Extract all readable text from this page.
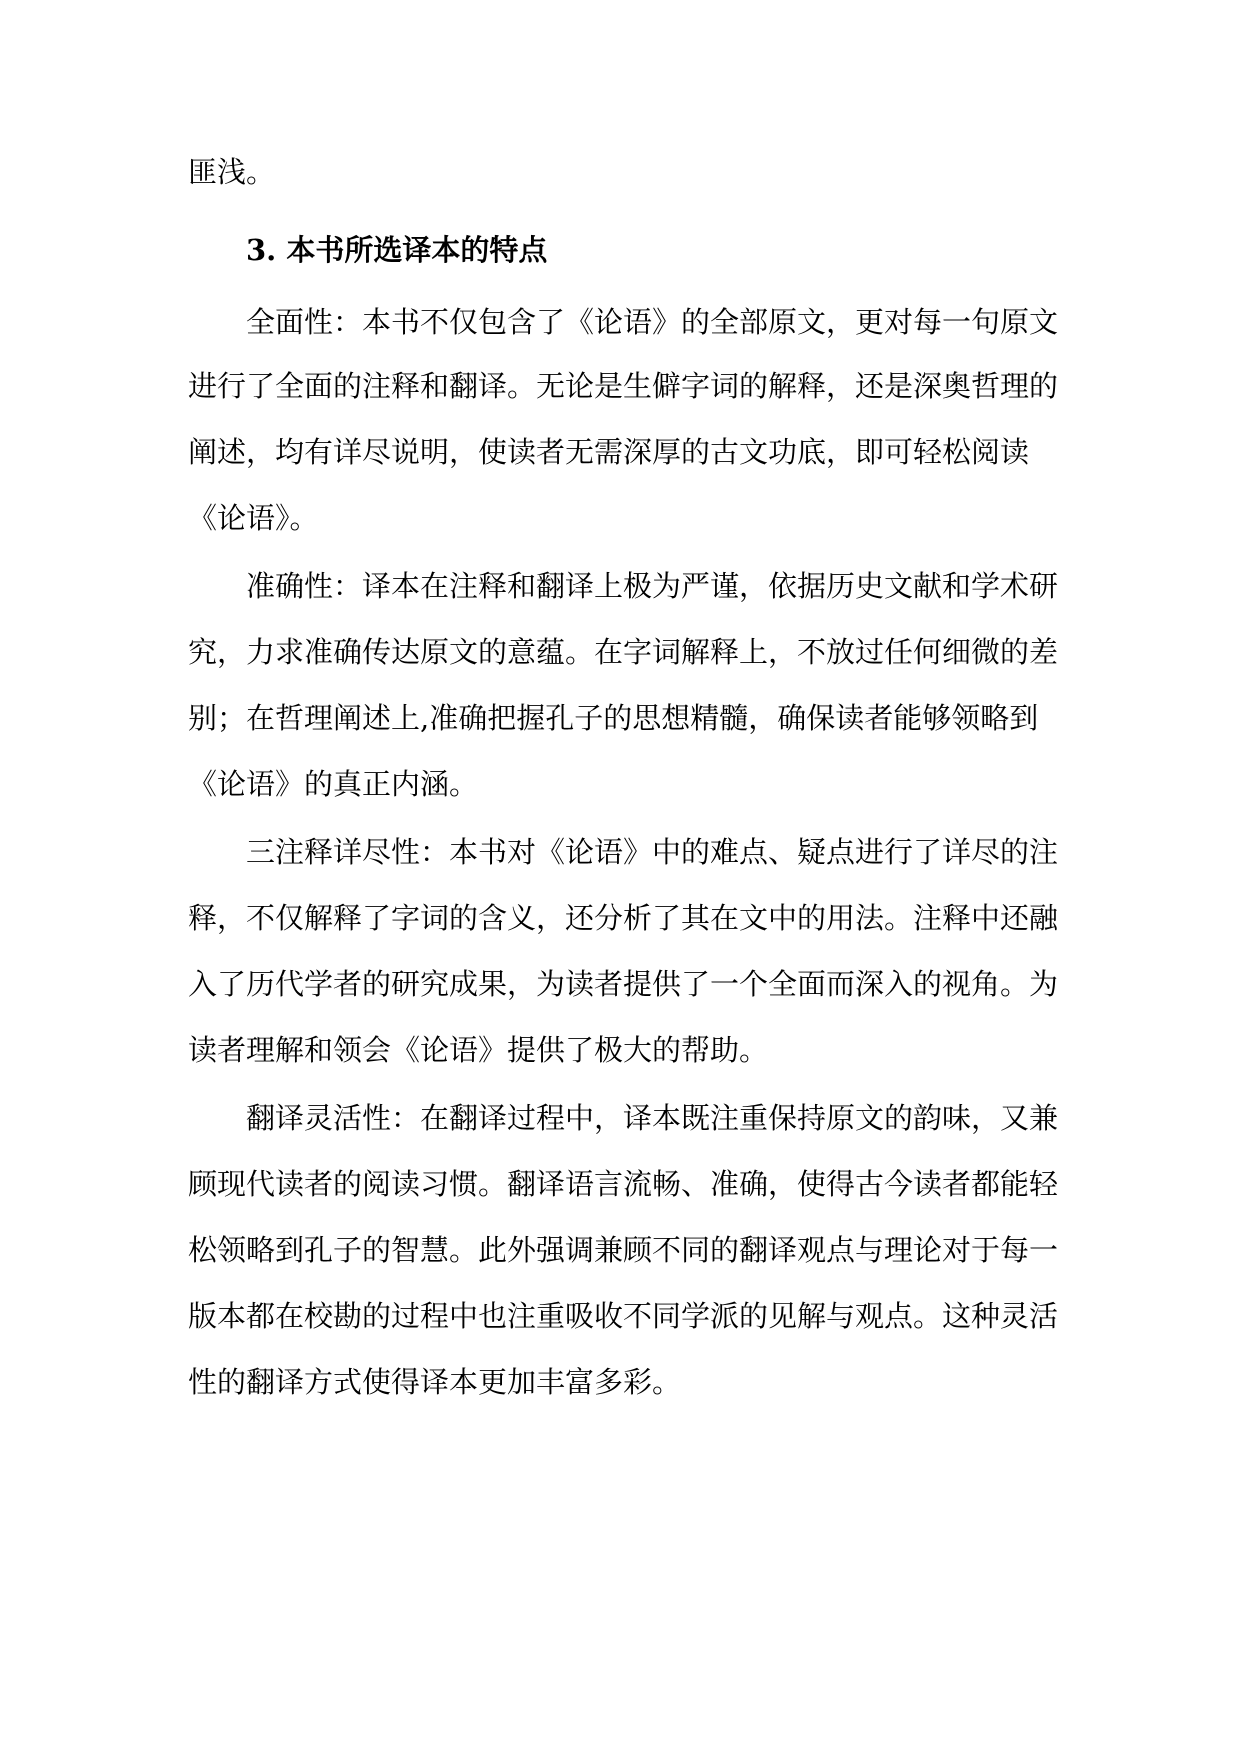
匪浅。
3. 本书所选译本的特点
全面性：本书不仅包含了《论语》的全部原文，更对每一句原文
进行了全面的注释和翻译。无论是生僻字词的解释，还是深奥哲理的
阐述，均有详尽说明，使读者无需深厚的古文功底，即可轻松阅读
《论语》。
准确性：译本在注释和翻译上极为严谨，依据历史文献和学术研
究，力求准确传达原文的意蕴。在字词解释上，不放过任何细微的差
别；在哲理阐述上,准确把握孔子的思想精髓，确保读者能够领略到
《论语》的真正内涵。
三注释详尽性：本书对《论语》中的难点、疑点进行了详尽的注
释，不仅解释了字词的含义，还分析了其在文中的用法。注释中还融
入了历代学者的研究成果，为读者提供了一个全面而深入的视角。为
读者理解和领会《论语》提供了极大的帮助。
翻译灵活性：在翻译过程中，译本既注重保持原文的韵味，又兼
顾现代读者的阅读习惯。翻译语言流畅、准确，使得古今读者都能轻
松领略到孔子的智慧。此外强调兼顾不同的翻译观点与理论对于每一
版本都在校勘的过程中也注重吸收不同学派的见解与观点。这种灵活
性的翻译方式使得译本更加丰富多彩。
